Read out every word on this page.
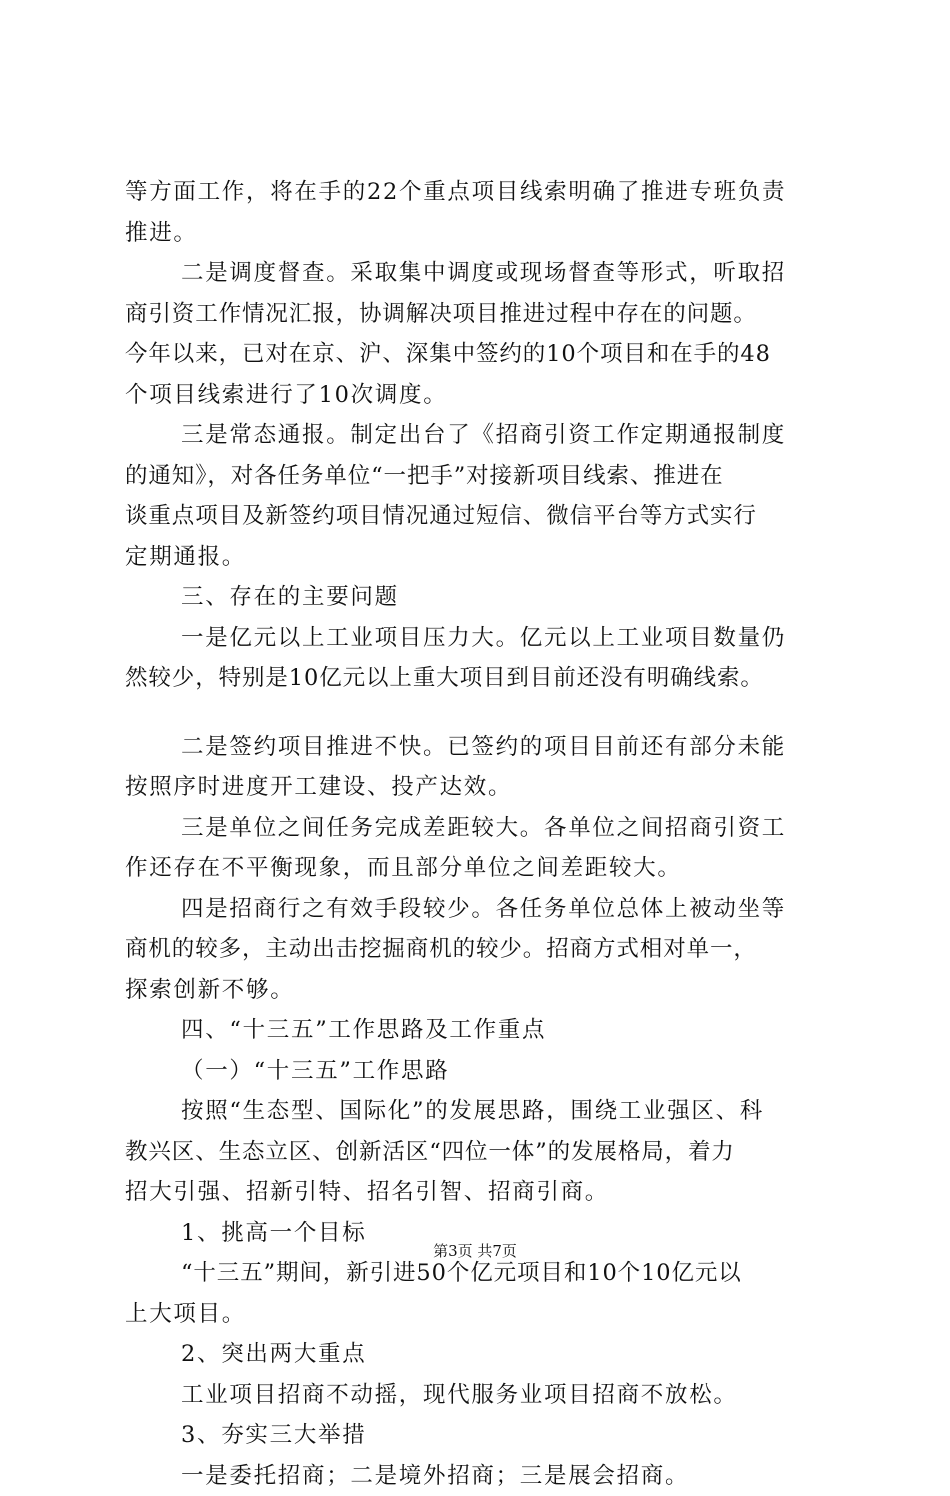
等方面工作，将在手的22个重点项目线索明确了推进专班负责
推进。
二是调度督查。采取集中调度或现场督查等形式，听取招
商引资工作情况汇报，协调解决项目推进过程中存在的问题。
今年以来，已对在京、沪、深集中签约的10个项目和在手的48
个项目线索进行了10次调度。
三是常态通报。制定出台了《招商引资工作定期通报制度
的通知》，对各任务单位“一把手”对接新项目线索、推进在
谈重点项目及新签约项目情况通过短信、微信平台等方式实行
定期通报。
三、存在的主要问题
一是亿元以上工业项目压力大。亿元以上工业项目数量仍
然较少，特别是10亿元以上重大项目到目前还没有明确线索。
二是签约项目推进不快。已签约的项目目前还有部分未能
按照序时进度开工建设、投产达效。
三是单位之间任务完成差距较大。各单位之间招商引资工
作还存在不平衡现象，而且部分单位之间差距较大。
四是招商行之有效手段较少。各任务单位总体上被动坐等
商机的较多，主动出击挖掘商机的较少。招商方式相对单一，
探索创新不够。
四、“十三五”工作思路及工作重点
（一）“十三五”工作思路
按照“生态型、国际化”的发展思路，围绕工业强区、科
教兴区、生态立区、创新活区“四位一体”的发展格局，着力
招大引强、招新引特、招名引智、招商引商。
1、挑高一个目标
“十三五”期间，新引进50个亿元项目和10个10亿元以
上大项目。
2、突出两大重点
工业项目招商不动摇，现代服务业项目招商不放松。
3、夯实三大举措
一是委托招商；二是境外招商；三是展会招商。
第3页 共7页
